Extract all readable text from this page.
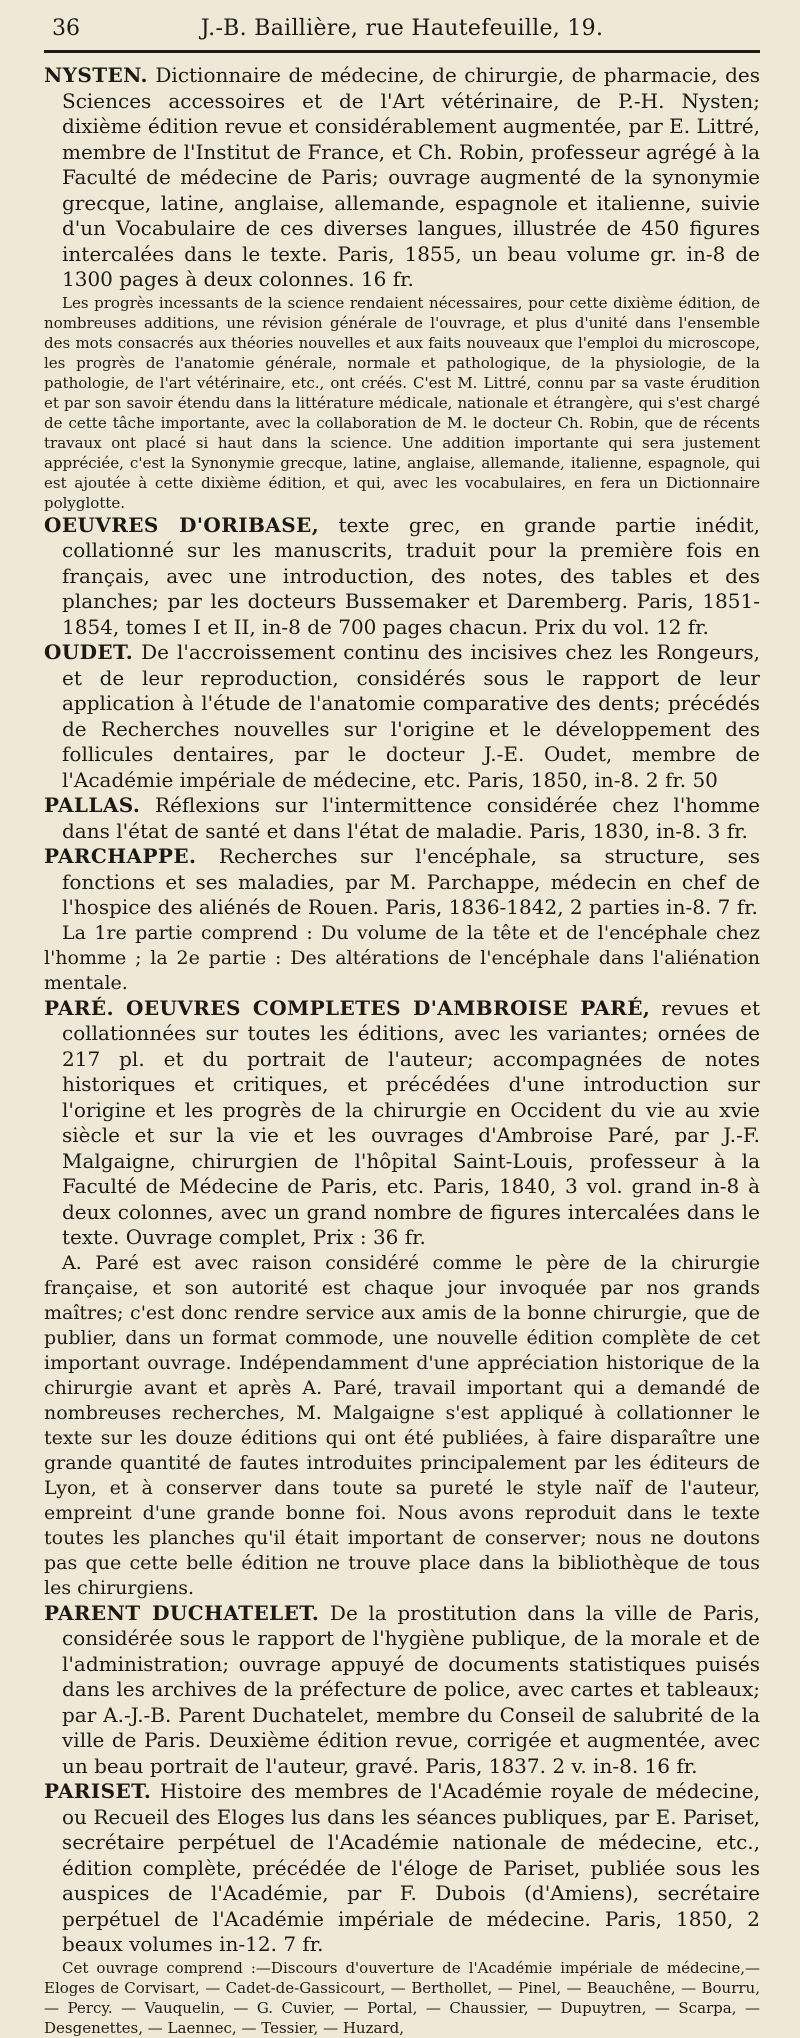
36	J.-B. Baillière, rue Hautefeuille, 19.

NYSTEN. Dictionnaire de médecine, de chirurgie, de pharmacie, des Sciences accessoires et de l'Art vétérinaire, de P.-H. Nysten; dixième édition revue et considérablement augmentée, par E. Littré, membre de l'Institut de France, et Ch. Robin, professeur agrégé à la Faculté de médecine de Paris; ouvrage augmenté de la synonymie grecque, latine, anglaise, allemande, espagnole et italienne, suivie d'un Vocabulaire de ces diverses langues, illustrée de 450 figures intercalées dans le texte. Paris, 1855, un beau volume gr. in-8 de 1300 pages à deux colonnes. 16 fr.

Les progrès incessants de la science rendaient nécessaires, pour cette dixième édition, de nombreuses additions, une révision générale de l'ouvrage, et plus d'unité dans l'ensemble des mots consacrés aux théories nouvelles et aux faits nouveaux que l'emploi du microscope, les progrès de l'anatomie générale, normale et pathologique, de la physiologie, de la pathologie, de l'art vétérinaire, etc., ont créés. C'est M. Littré, connu par sa vaste érudition et par son savoir étendu dans la littérature médicale, nationale et étrangère, qui s'est chargé de cette tâche importante, avec la collaboration de M. le docteur Ch. Robin, que de récents travaux ont placé si haut dans la science. Une addition importante qui sera justement appréciée, c'est la Synonymie grecque, latine, anglaise, allemande, italienne, espagnole, qui est ajoutée à cette dixième édition, et qui, avec les vocabulaires, en fera un Dictionnaire polyglotte.

OEUVRES D'ORIBASE, texte grec, en grande partie inédit, collationné sur les manuscrits, traduit pour la première fois en français, avec une introduction, des notes, des tables et des planches; par les docteurs Bussemaker et Daremberg. Paris, 1851-1854, tomes I et II, in-8 de 700 pages chacun. Prix du vol. 12 fr.

OUDET. De l'accroissement continu des incisives chez les Rongeurs, et de leur reproduction, considérés sous le rapport de leur application à l'étude de l'anatomie comparative des dents; précédés de Recherches nouvelles sur l'origine et le développement des follicules dentaires, par le docteur J.-E. Oudet, membre de l'Académie impériale de médecine, etc. Paris, 1850, in-8. 2 fr. 50

PALLAS. Réflexions sur l'intermittence considérée chez l'homme dans l'état de santé et dans l'état de maladie. Paris, 1830, in-8. 3 fr.

PARCHAPPE. Recherches sur l'encéphale, sa structure, ses fonctions et ses maladies, par M. Parchappe, médecin en chef de l'hospice des aliénés de Rouen. Paris, 1836-1842, 2 parties in-8. 7 fr.

La 1re partie comprend : Du volume de la tête et de l'encéphale chez l'homme ; la 2e partie : Des altérations de l'encéphale dans l'aliénation mentale.

PARÉ. OEUVRES COMPLETES D'AMBROISE PARÉ, revues et collationnées sur toutes les éditions, avec les variantes; ornées de 217 pl. et du portrait de l'auteur; accompagnées de notes historiques et critiques, et précédées d'une introduction sur l'origine et les progrès de la chirurgie en Occident du vie au xvie siècle et sur la vie et les ouvrages d'Ambroise Paré, par J.-F. Malgaigne, chirurgien de l'hôpital Saint-Louis, professeur à la Faculté de Médecine de Paris, etc. Paris, 1840, 3 vol. grand in-8 à deux colonnes, avec un grand nombre de figures intercalées dans le texte. Ouvrage complet, Prix : 36 fr.

A. Paré est avec raison considéré comme le père de la chirurgie française, et son autorité est chaque jour invoquée par nos grands maîtres; c'est donc rendre service aux amis de la bonne chirurgie, que de publier, dans un format commode, une nouvelle édition complète de cet important ouvrage. Indépendamment d'une appréciation historique de la chirurgie avant et après A. Paré, travail important qui a demandé de nombreuses recherches, M. Malgaigne s'est appliqué à collationner le texte sur les douze éditions qui ont été publiées, à faire disparaître une grande quantité de fautes introduites principalement par les éditeurs de Lyon, et à conserver dans toute sa pureté le style naïf de l'auteur, empreint d'une grande bonne foi. Nous avons reproduit dans le texte toutes les planches qu'il était important de conserver; nous ne doutons pas que cette belle édition ne trouve place dans la bibliothèque de tous les chirurgiens.

PARENT DUCHATELET. De la prostitution dans la ville de Paris, considérée sous le rapport de l'hygiène publique, de la morale et de l'administration; ouvrage appuyé de documents statistiques puisés dans les archives de la préfecture de police, avec cartes et tableaux; par A.-J.-B. Parent Duchatelet, membre du Conseil de salubrité de la ville de Paris. Deuxième édition revue, corrigée et augmentée, avec un beau portrait de l'auteur, gravé. Paris, 1837. 2 v. in-8. 16 fr.

PARISET. Histoire des membres de l'Académie royale de médecine, ou Recueil des Eloges lus dans les séances publiques, par E. Pariset, secrétaire perpétuel de l'Académie nationale de médecine, etc., édition complète, précédée de l'éloge de Pariset, publiée sous les auspices de l'Académie, par F. Dubois (d'Amiens), secrétaire perpétuel de l'Académie impériale de médecine. Paris, 1850, 2 beaux volumes in-12. 7 fr.

Cet ouvrage comprend :—Discours d'ouverture de l'Académie impériale de médecine,—Eloges de Corvisart, — Cadet-de-Gassicourt, — Berthollet, — Pinel, — Beauchêne, — Bourru, — Percy. — Vauquelin, — G. Cuvier, — Portal, — Chaussier, — Dupuytren, — Scarpa, — Desgenettes, — Laennec, — Tessier, — Huzard,
